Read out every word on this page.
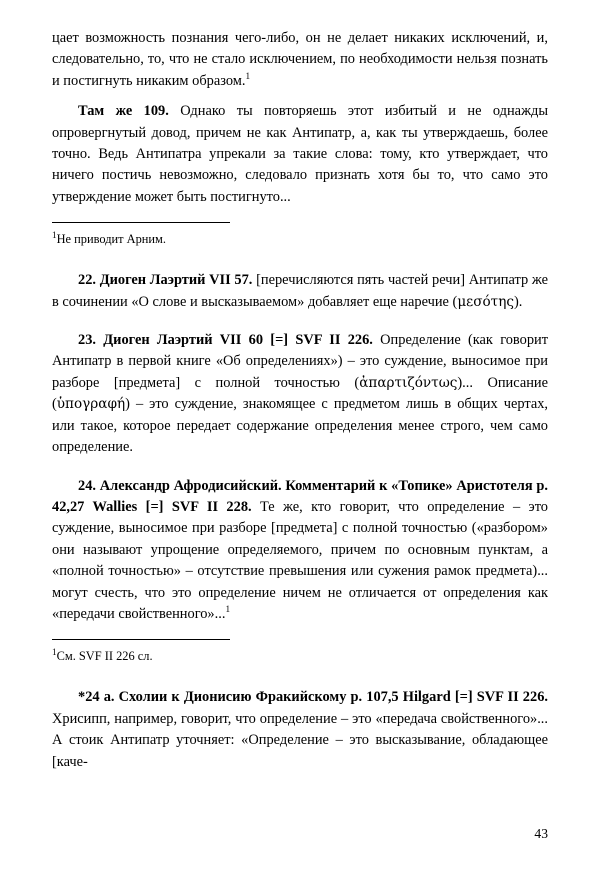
цает возможность познания чего-либо, он не делает никаких исключений, и, следовательно, то, что не стало исключением, по необходимости нельзя познать и постигнуть никаким образом.$^1$

Там же 109. Однако ты повторяешь этот избитый и не однажды опровергнутый довод, причем не как Антипатр, а, как ты утверждаешь, более точно. Ведь Антипатра упрекали за такие слова: тому, кто утверждает, что ничего постичь невозможно, следовало признать хотя бы то, что само это утверждение может быть постигнуто...

$^1$Не приводит Арним.

22. Диоген Лаэртий VII 57. [перечисляются пять частей речи] Антипатр же в сочинении «О слове и высказываемом» добавляет еще наречие (μεσότης).

23. Диоген Лаэртий VII 60 [=] SVF II 226. Определение (как говорит Антипатр в первой книге «Об определениях») – это суждение, выносимое при разборе [предмета] с полной точностью (ἀπαρτιζόντως)... Описание (ὑπογραφή) – это суждение, знакомящее с предметом лишь в общих чертах, или такое, которое передает содержание определения менее строго, чем само определение.

24. Александр Афродисийский. Комментарий к «Топике» Аристотеля p. 42,27 Wallies [=] SVF II 228. Те же, кто говорит, что определение – это суждение, выносимое при разборе [предмета] с полной точностью («разбором» они называют упрощение определяемого, причем по основным пунктам, а «полной точностью» – отсутствие превышения или сужения рамок предмета)... могут счесть, что это определение ничем не отличается от определения как «передачи свойственного»...$^1$

$^1$См. SVF II 226 сл.

*24 a. Схолии к Дионисию Фракийскому p. 107,5 Hilgard [=] SVF II 226. Хрисипп, например, говорит, что определение – это «передача свойственного»... А стоик Антипатр уточняет: «Определение – это высказывание, обладающее [каче-

43
